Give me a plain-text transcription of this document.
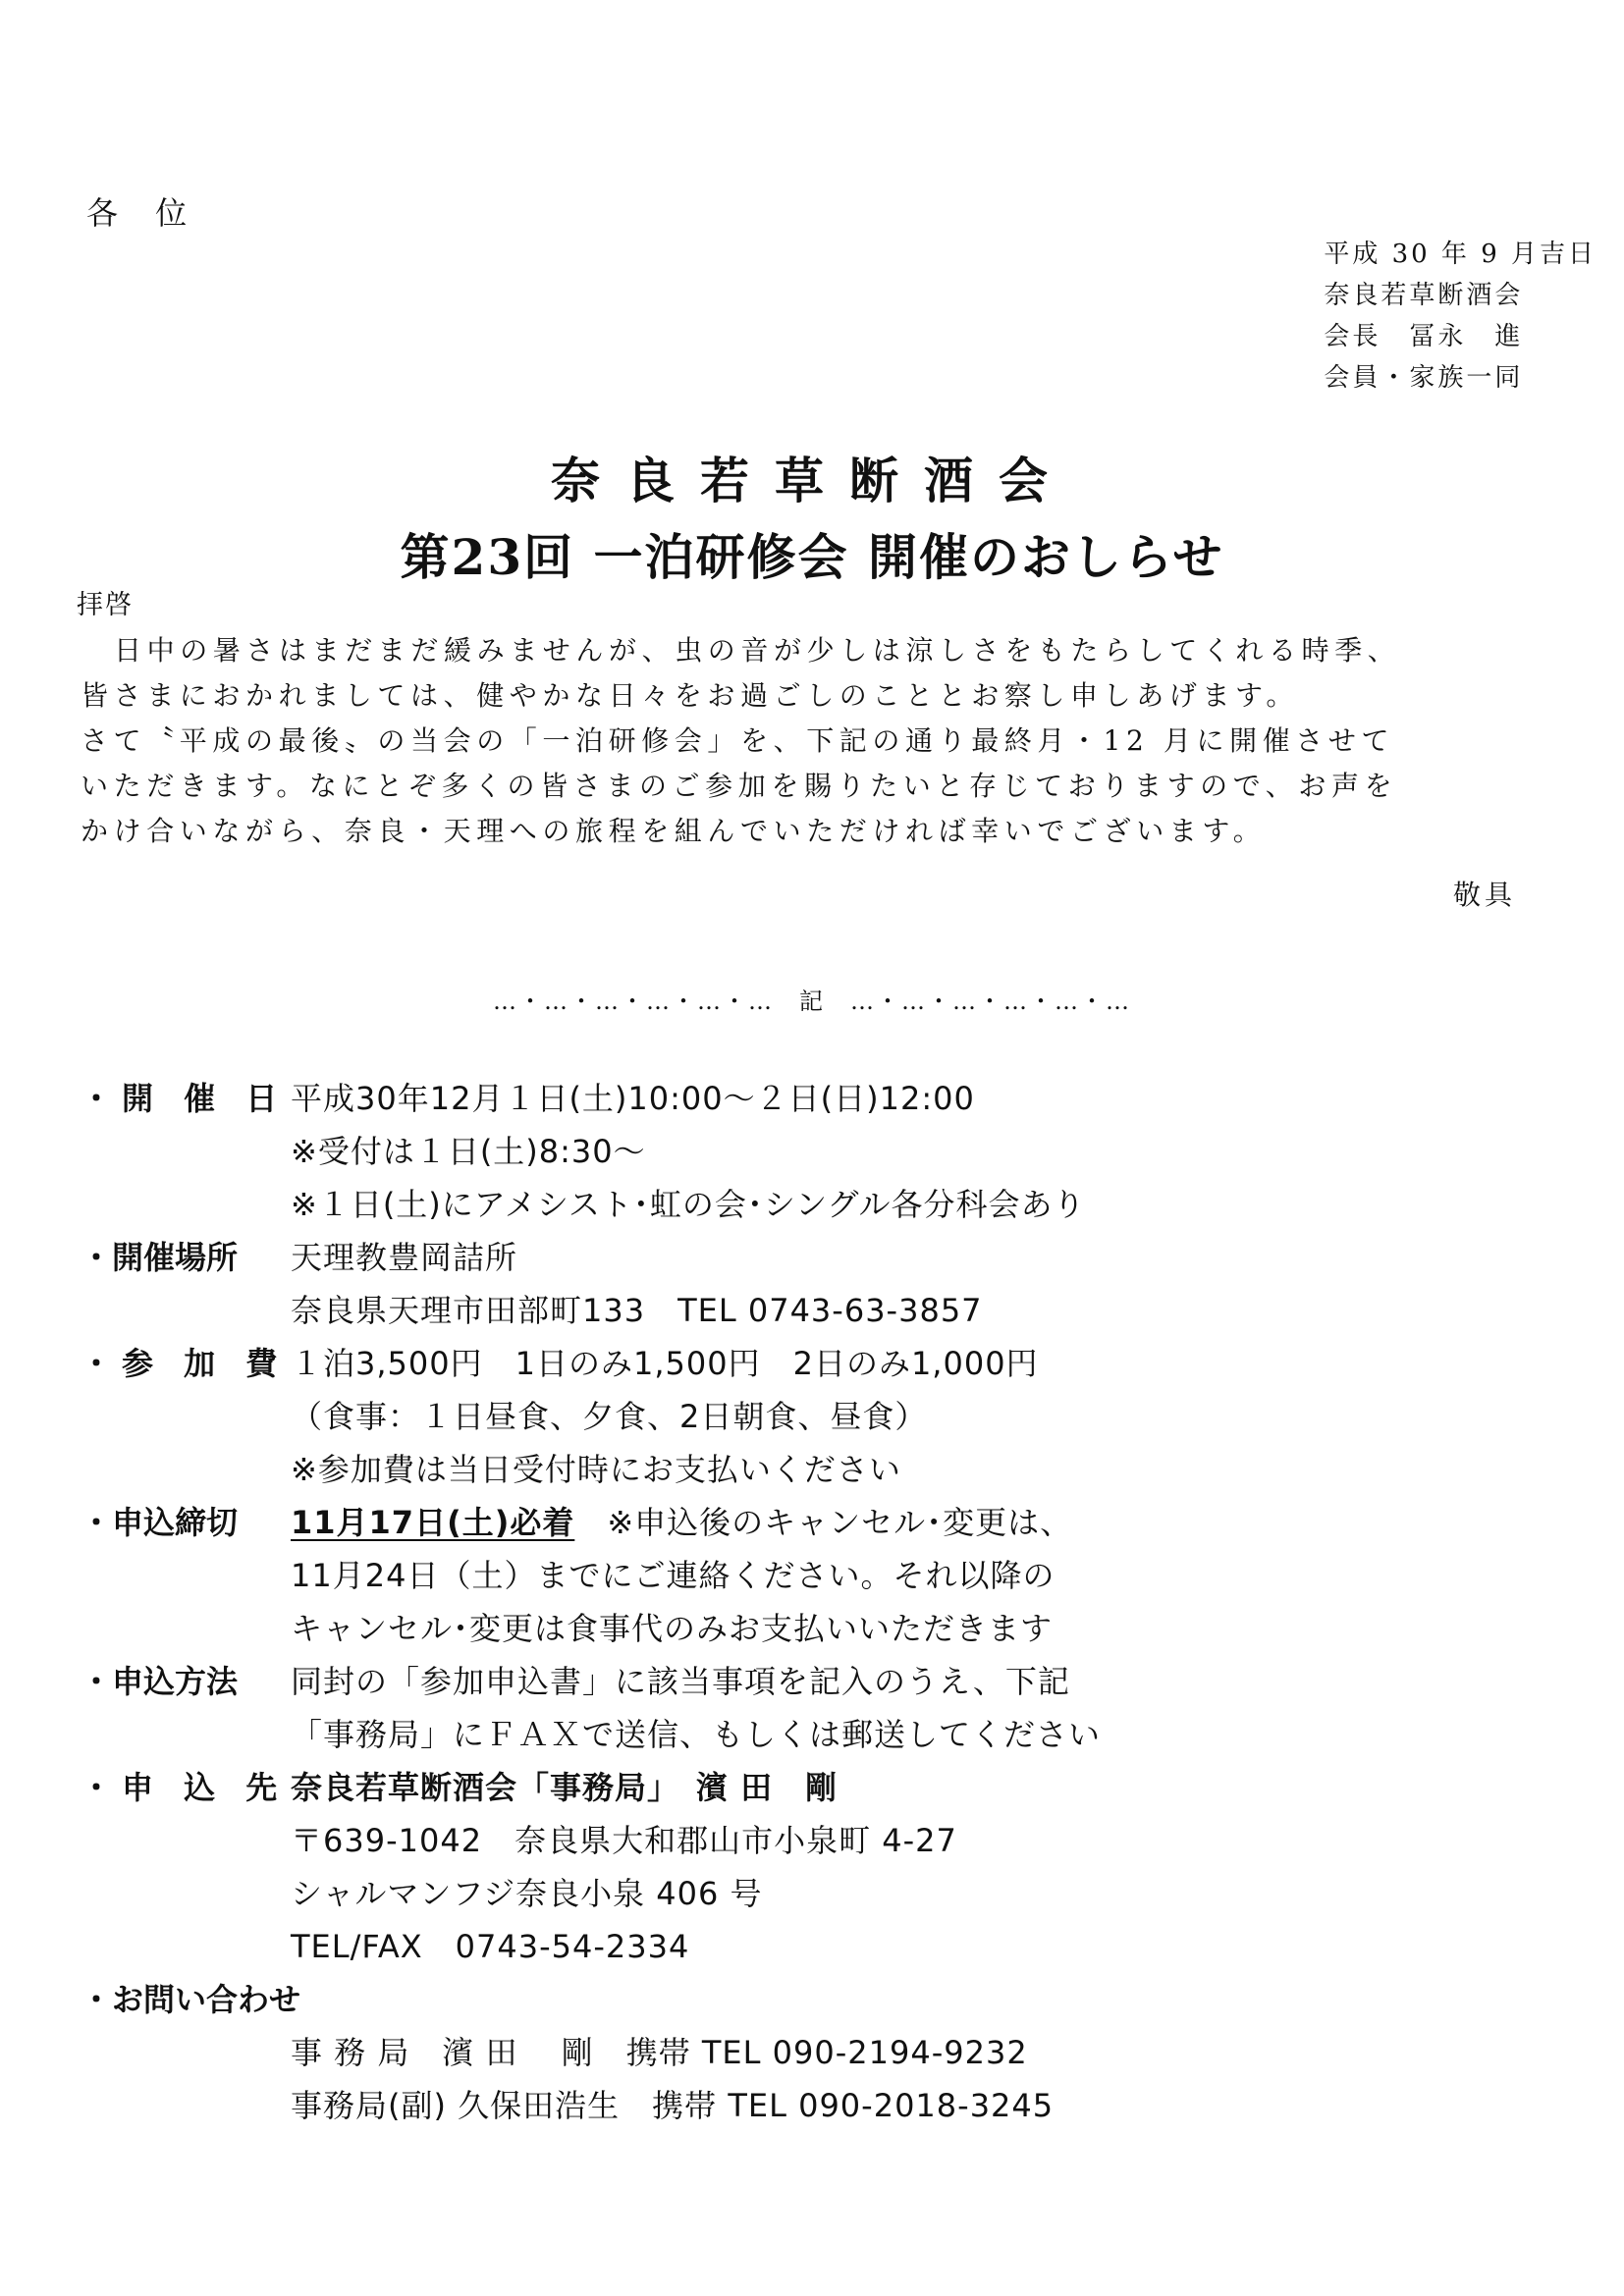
各 位
平成 30 年 9 月吉日
奈良若草断酒会
会長　冨永　進
会員・家族一同
奈良若草断酒会
第23回 一泊研修会 開催のおしらせ
拝啓
日中の暑さはまだまだ緩みませんが、虫の音が少しは涼しさをもたらしてくれる時季、
皆さまにおかれましては、健やかな日々をお過ごしのこととお察し申しあげます。
さて〝平成の最後〟の当会の「一泊研修会」を、下記の通り最終月・12 月に開催させて
いただきます。なにとぞ多くの皆さまのご参加を賜りたいと存じておりますので、お声を
かけ合いながら、奈良・天理への旅程を組んでいただければ幸いでございます。
敬具
…・…・…・…・…・…　記　…・…・…・…・…・…
・開 催 日 平成30年12月１日(土)10:00～２日(日)12:00
※受付は１日(土)8:30～
※１日(土)にアメシスト･虹の会･シングル各分科会あり
・開催場所	天理教豊岡詰所
奈良県天理市田部町133　TEL 0743-63-3857
・参 加 費 １泊3,500円　1日のみ1,500円　2日のみ1,000円
（食事：１日昼食、夕食、2日朝食、昼食）
※参加費は当日受付時にお支払いください
・申込締切	11月17日(土)必着　※申込後のキャンセル･変更は、
11月24日（土）までにご連絡ください。それ以降の
キャンセル･変更は食事代のみお支払いいただきます
・申込方法	同封の「参加申込書」に該当事項を記入のうえ、下記
「事務局」にＦＡＸで送信、もしくは郵送してください
・申 込 先 奈良若草断酒会「事務局」　濱 田　剛
〒639-1042　奈良県大和郡山市小泉町 4-27
シャルマンフジ奈良小泉 406 号
TEL/FAX　0743-54-2334
・お問い合わせ
事 務 局　濱 田　 剛　携帯 TEL 090-2194-9232
事務局(副) 久保田浩生　携帯 TEL 090-2018-3245
